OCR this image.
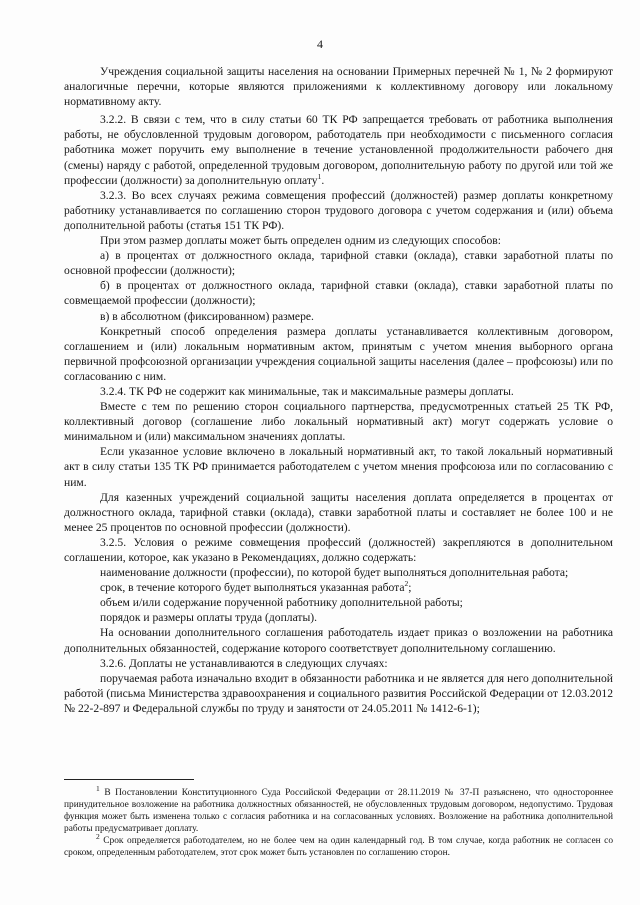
4

Учреждения социальной защиты населения на основании Примерных перечней № 1, № 2 формируют аналогичные перечни, которые являются приложениями к коллективному договору или локальному нормативному акту.

3.2.2. В связи с тем, что в силу статьи 60 ТК РФ запрещается требовать от работника выполнения работы, не обусловленной трудовым договором, работодатель при необходимости с письменного согласия работника может поручить ему выполнение в течение установленной продолжительности рабочего дня (смены) наряду с работой, определенной трудовым договором, дополнительную работу по другой или той же профессии (должности) за дополнительную оплату$^1$.

3.2.3. Во всех случаях режима совмещения профессий (должностей) размер доплаты конкретному работнику устанавливается по соглашению сторон трудового договора с учетом содержания и (или) объема дополнительной работы (статья 151 ТК РФ).

При этом размер доплаты может быть определен одним из следующих способов:

а) в процентах от должностного оклада, тарифной ставки (оклада), ставки заработной платы по основной профессии (должности);

б) в процентах от должностного оклада, тарифной ставки (оклада), ставки заработной платы по совмещаемой профессии (должности);

в) в абсолютном (фиксированном) размере.

Конкретный способ определения размера доплаты устанавливается коллективным договором, соглашением и (или) локальным нормативным актом, принятым с учетом мнения выборного органа первичной профсоюзной организации учреждения социальной защиты населения (далее – профсоюзы) или по согласованию с ним.

3.2.4. ТК РФ не содержит как минимальные, так и максимальные размеры доплаты.

Вместе с тем по решению сторон социального партнерства, предусмотренных статьей 25 ТК РФ, коллективный договор (соглашение либо локальный нормативный акт) могут содержать условие о минимальном и (или) максимальном значениях доплаты.

Если указанное условие включено в локальный нормативный акт, то такой локальный нормативный акт в силу статьи 135 ТК РФ принимается работодателем с учетом мнения профсоюза или по согласованию с ним.

Для казенных учреждений социальной защиты населения доплата определяется в процентах от должностного оклада, тарифной ставки (оклада), ставки заработной платы и составляет не более 100 и не менее 25 процентов по основной профессии (должности).

3.2.5. Условия о режиме совмещения профессий (должностей) закрепляются в дополнительном соглашении, которое, как указано в Рекомендациях, должно содержать:

наименование должности (профессии), по которой будет выполняться дополнительная работа;

срок, в течение которого будет выполняться указанная работа$^2$;

объем и/или содержание порученной работнику дополнительной работы;

порядок и размеры оплаты труда (доплаты).

На основании дополнительного соглашения работодатель издает приказ о возложении на работника дополнительных обязанностей, содержание которого соответствует дополнительному соглашению.

3.2.6. Доплаты не устанавливаются в следующих случаях:

поручаемая работа изначально входит в обязанности работника и не является для него дополнительной работой (письма Министерства здравоохранения и социального развития Российской Федерации от 12.03.2012 № 22-2-897 и Федеральной службы по труду и занятости от 24.05.2011 № 1412-6-1);

$^1$ В Постановлении Конституционного Суда Российской Федерации от 28.11.2019 № 37-П разъяснено, что одностороннее принудительное возложение на работника должностных обязанностей, не обусловленных трудовым договором, недопустимо. Трудовая функция может быть изменена только с согласия работника и на согласованных условиях. Возложение на работника дополнительной работы предусматривает доплату.

$^2$ Срок определяется работодателем, но не более чем на один календарный год. В том случае, когда работник не согласен со сроком, определенным работодателем, этот срок может быть установлен по соглашению сторон.
